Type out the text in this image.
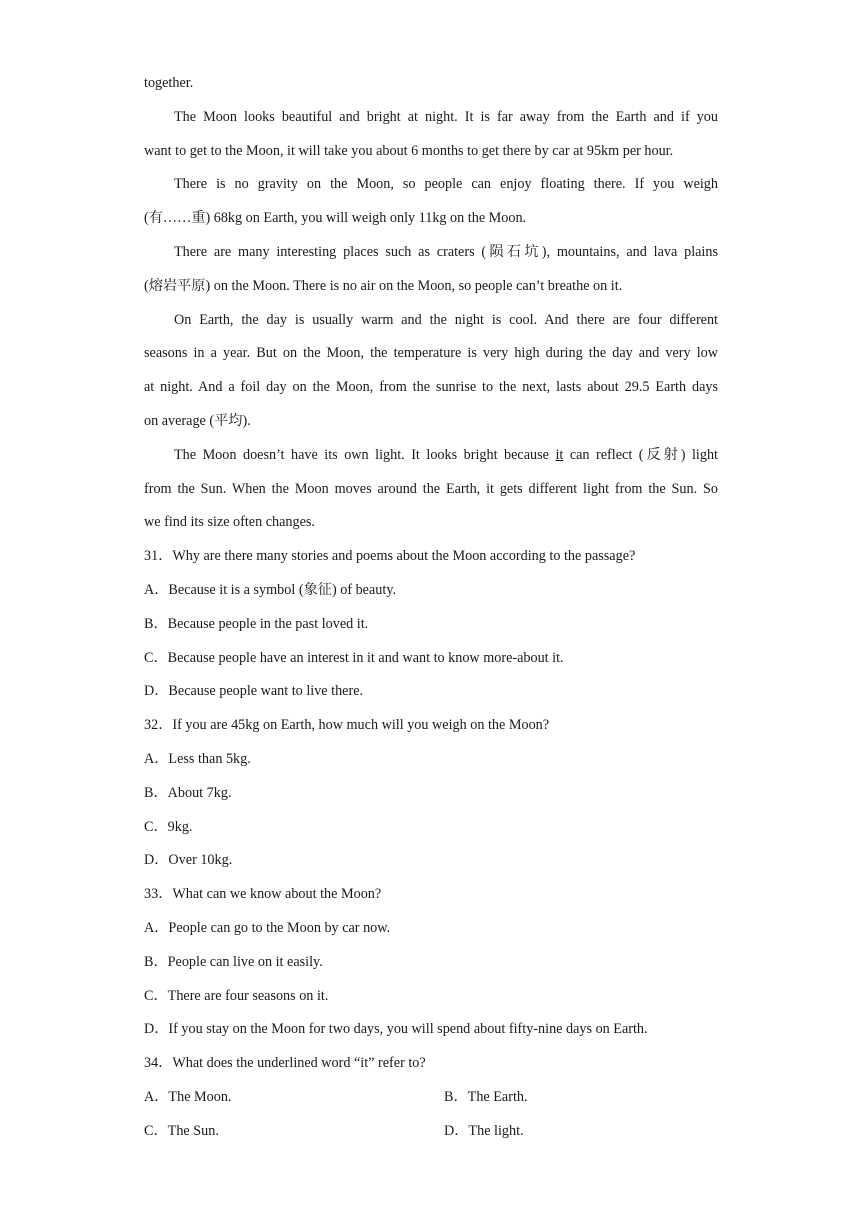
together.
The Moon looks beautiful and bright at night. It is far away from the Earth and if you
want to get to the Moon, it will take you about 6 months to get there by car at 95km per hour.
There is no gravity on the Moon, so people can enjoy floating there. If you weigh
(有……重) 68kg on Earth, you will weigh only 11kg on the Moon.
There are many interesting places such as craters (陨石坑), mountains, and lava plains
(熔岩平原) on the Moon. There is no air on the Moon, so people can’t breathe on it.
On Earth, the day is usually warm and the night is cool. And there are four different
seasons in a year. But on the Moon, the temperature is very high during the day and very low
at night. And a foil day on the Moon, from the sunrise to the next, lasts about 29.5 Earth days
on average (平均).
The Moon doesn’t have its own light. It looks bright because it can reflect (反射) light
from the Sun. When the Moon moves around the Earth, it gets different light from the Sun. So
we find its size often changes.
31．Why are there many stories and poems about the Moon according to the passage?
A．Because it is a symbol (象征) of beauty.
B．Because people in the past loved it.
C．Because people have an interest in it and want to know more-about it.
D．Because people want to live there.
32．If you are 45kg on Earth, how much will you weigh on the Moon?
A．Less than 5kg.
B．About 7kg.
C．9kg.
D．Over 10kg.
33．What can we know about the Moon?
A．People can go to the Moon by car now.
B．People can live on it easily.
C．There are four seasons on it.
D．If you stay on the Moon for two days, you will spend about fifty-nine days on Earth.
34．What does the underlined word “it” refer to?
A．The Moon.	B．The Earth.
C．The Sun.	D．The light.
